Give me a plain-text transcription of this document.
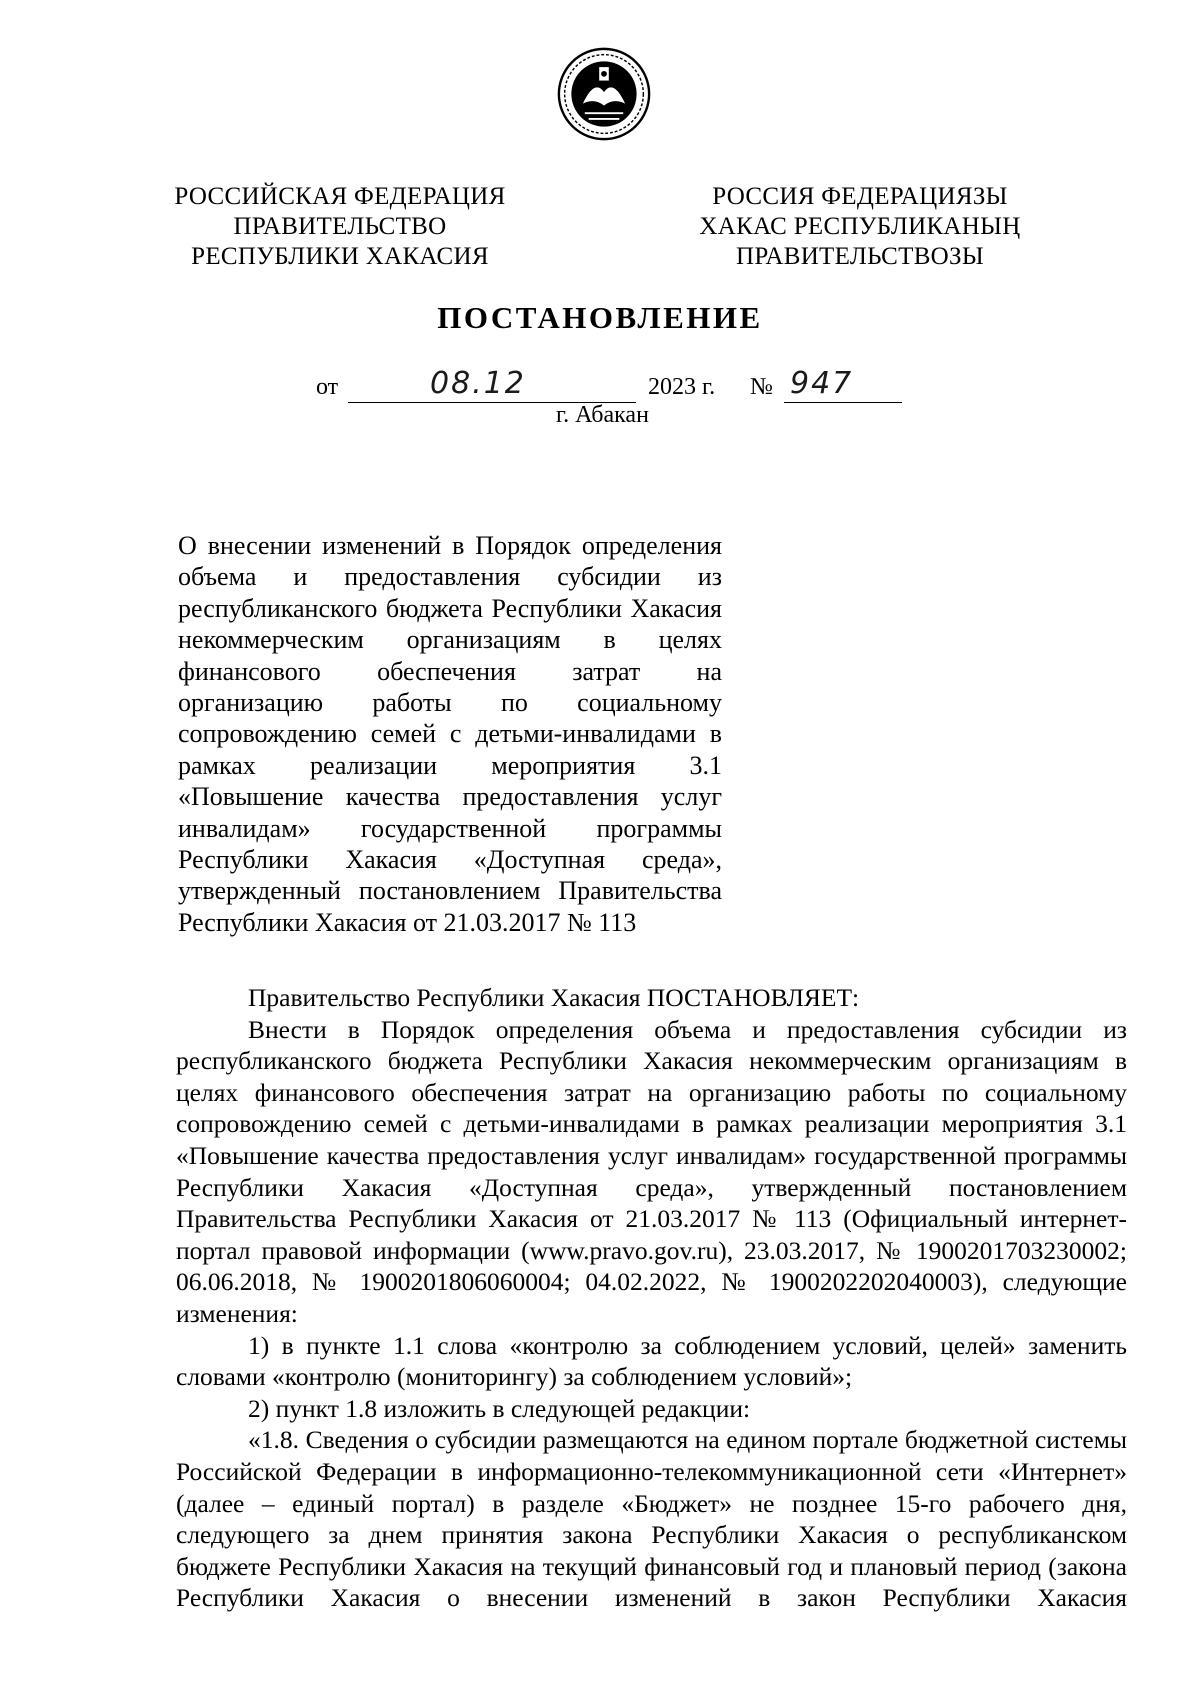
РОССИЙСКАЯ ФЕДЕРАЦИЯ
ПРАВИТЕЛЬСТВО
РЕСПУБЛИКИ ХАКАСИЯ
РОССИЯ ФЕДЕРАЦИЯЗЫ
ХАКАС РЕСПУБЛИКАНЫҢ
ПРАВИТЕЛЬСТВОЗЫ
ПОСТАНОВЛЕНИЕ
от	08.12	2023 г. № 947
г. Абакан
О внесении изменений в Порядок определения объема и предоставления субсидии из республиканского бюджета Республики Хакасия некоммерческим организациям в целях финансового обеспечения затрат на организацию работы по социальному сопровождению семей с детьми-инвалидами в рамках реализации мероприятия 3.1 «Повышение качества предоставления услуг инвалидам» государственной программы Республики Хакасия «Доступная среда», утвержденный постановлением Правительства Республики Хакасия от 21.03.2017 № 113

Правительство Республики Хакасия ПОСТАНОВЛЯЕТ:

Внести в Порядок определения объема и предоставления субсидии из республиканского бюджета Республики Хакасия некоммерческим организациям в целях финансового обеспечения затрат на организацию работы по социальному сопровождению семей с детьми-инвалидами в рамках реализации мероприятия 3.1 «Повышение качества предоставления услуг инвалидам» государственной программы Республики Хакасия «Доступная среда», утвержденный постановлением Правительства Республики Хакасия от 21.03.2017 № 113 (Официальный интернет-портал правовой информации (www.pravo.gov.ru), 23.03.2017, № 1900201703230002; 06.06.2018, № 1900201806060004; 04.02.2022, № 1900202202040003), следующие изменения:

1) в пункте 1.1 слова «контролю за соблюдением условий, целей» заменить словами «контролю (мониторингу) за соблюдением условий»;

2) пункт 1.8 изложить в следующей редакции:

«1.8. Сведения о субсидии размещаются на едином портале бюджетной системы Российской Федерации в информационно-телекоммуникационной сети «Интернет» (далее – единый портал) в разделе «Бюджет» не позднее 15-го рабочего дня, следующего за днем принятия закона Республики Хакасия о республиканском бюджете Республики Хакасия на текущий финансовый год и плановый период (закона Республики Хакасия о внесении изменений в закон Республики Хакасия
